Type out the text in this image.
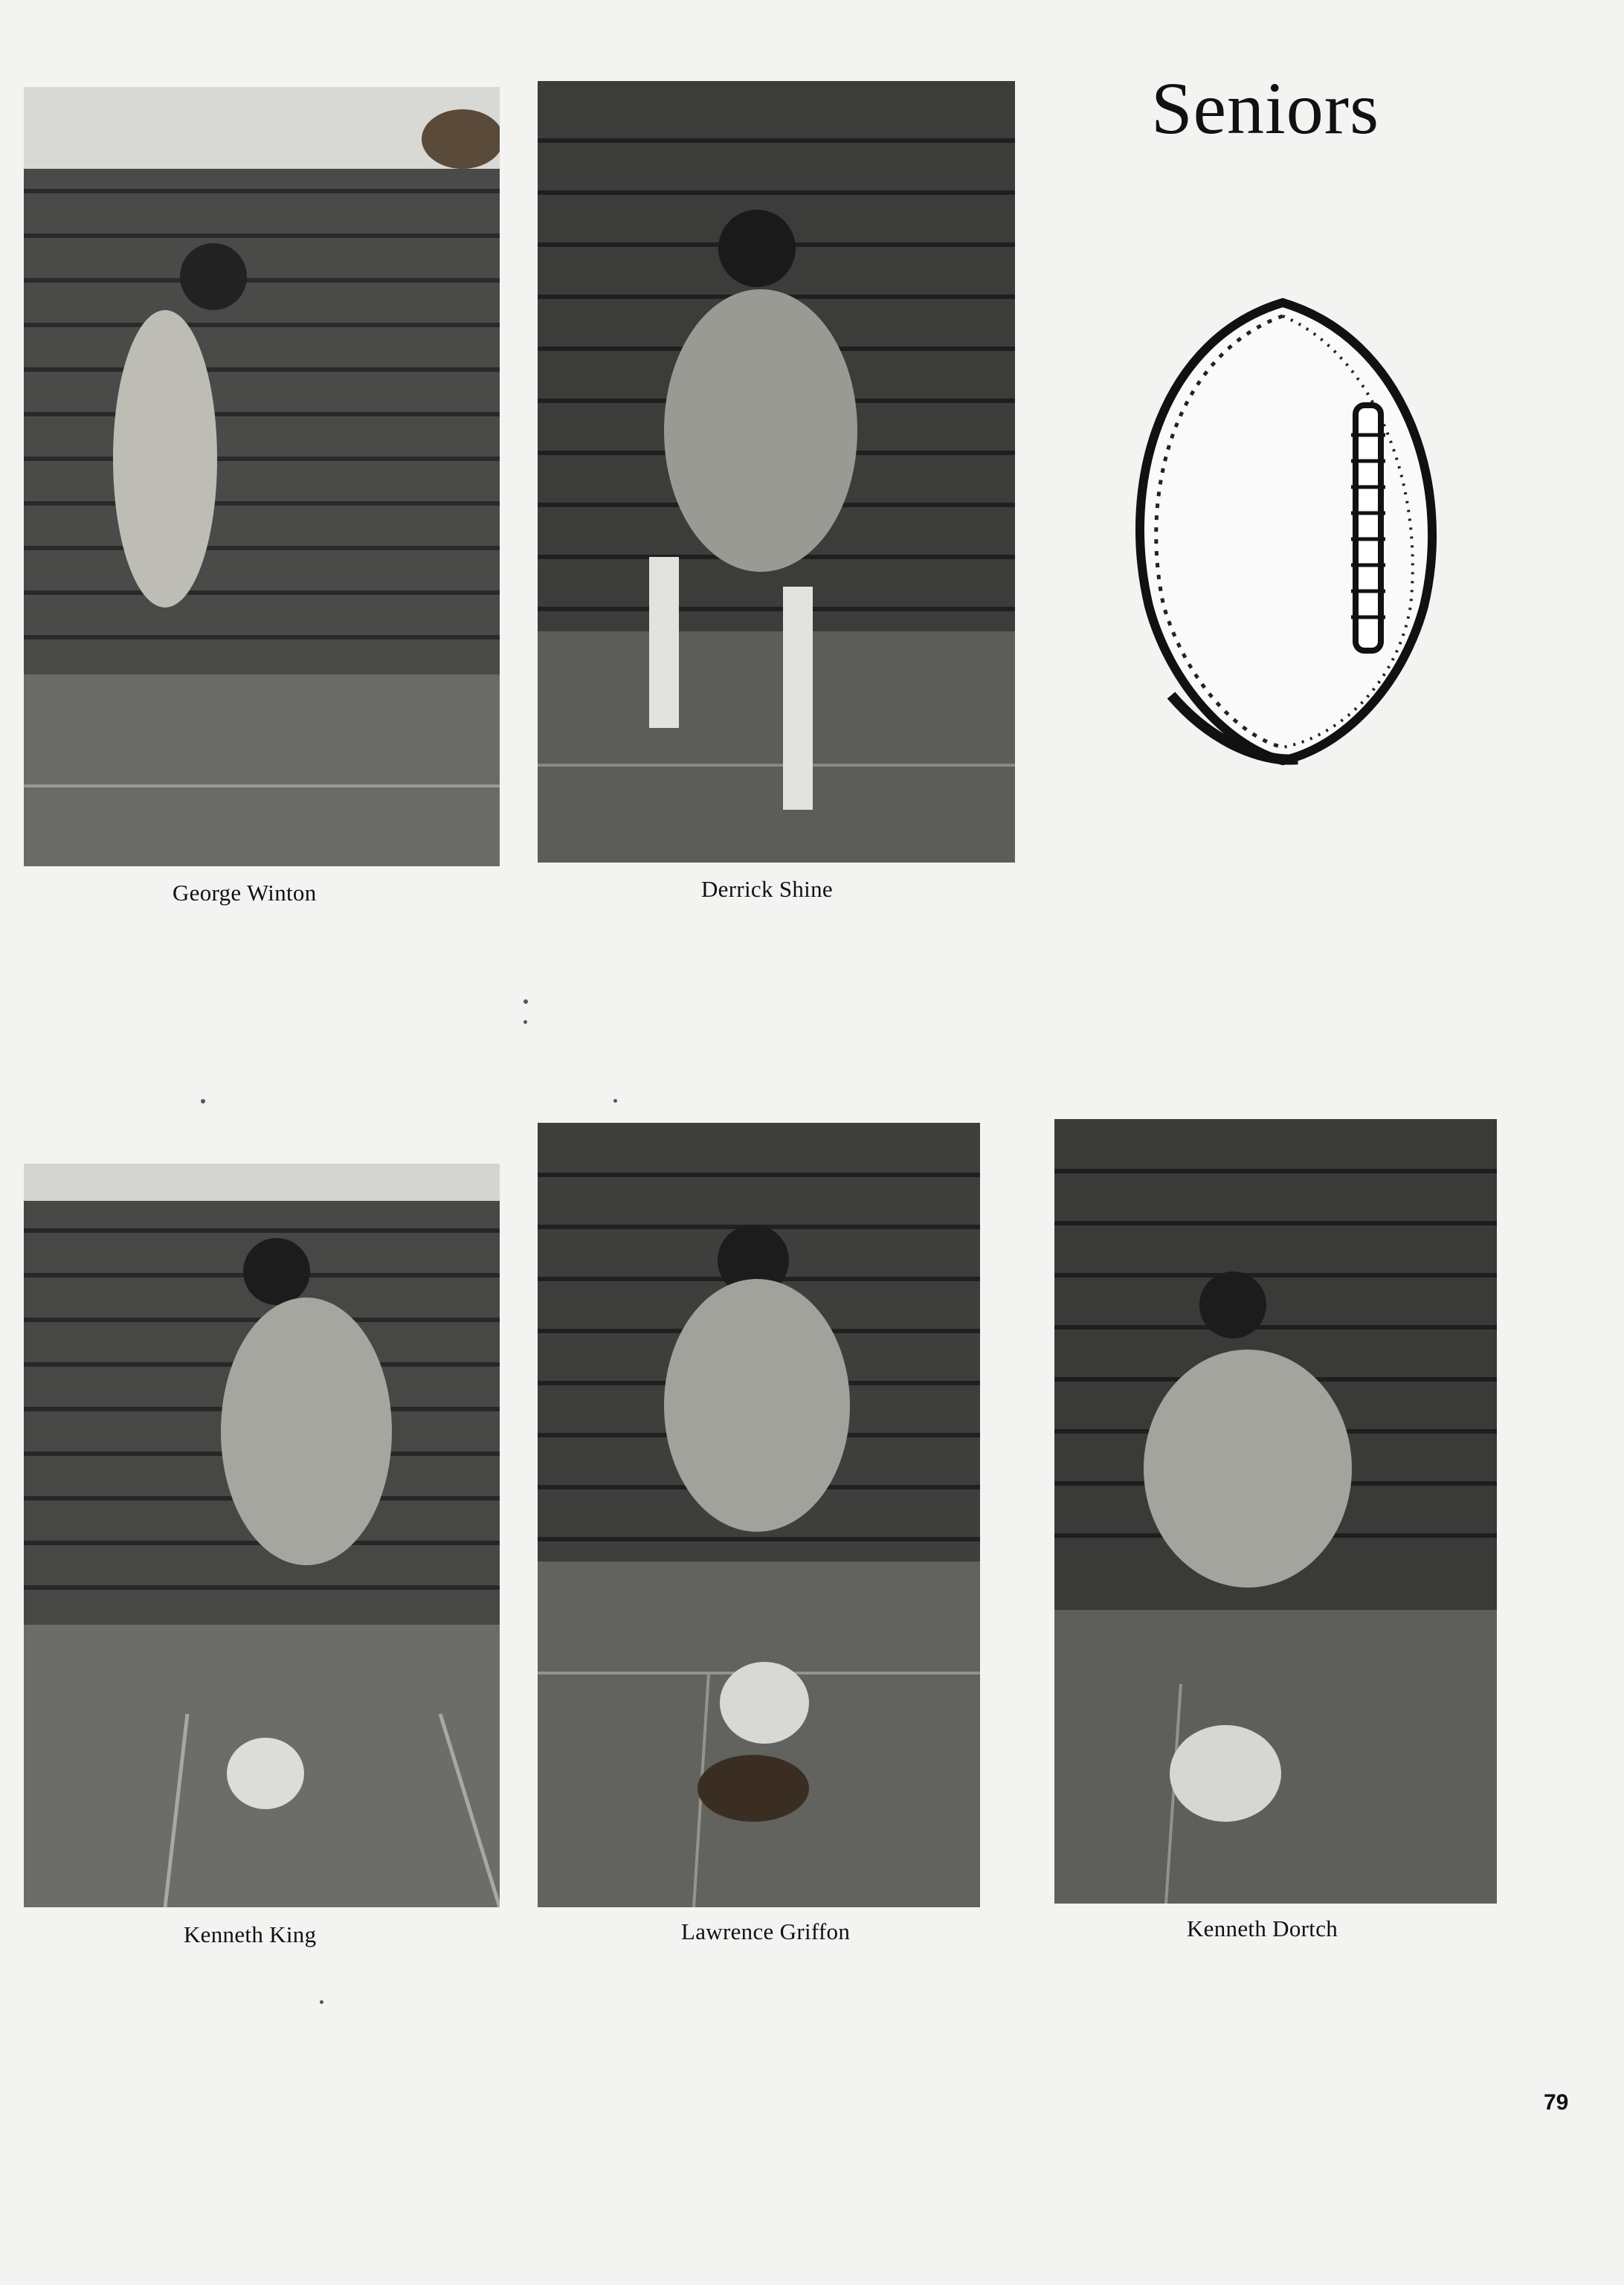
Seniors
George Winton	Derrick Shine
Kenneth King	Lawrence Griffon	Kenneth Dortch
79
